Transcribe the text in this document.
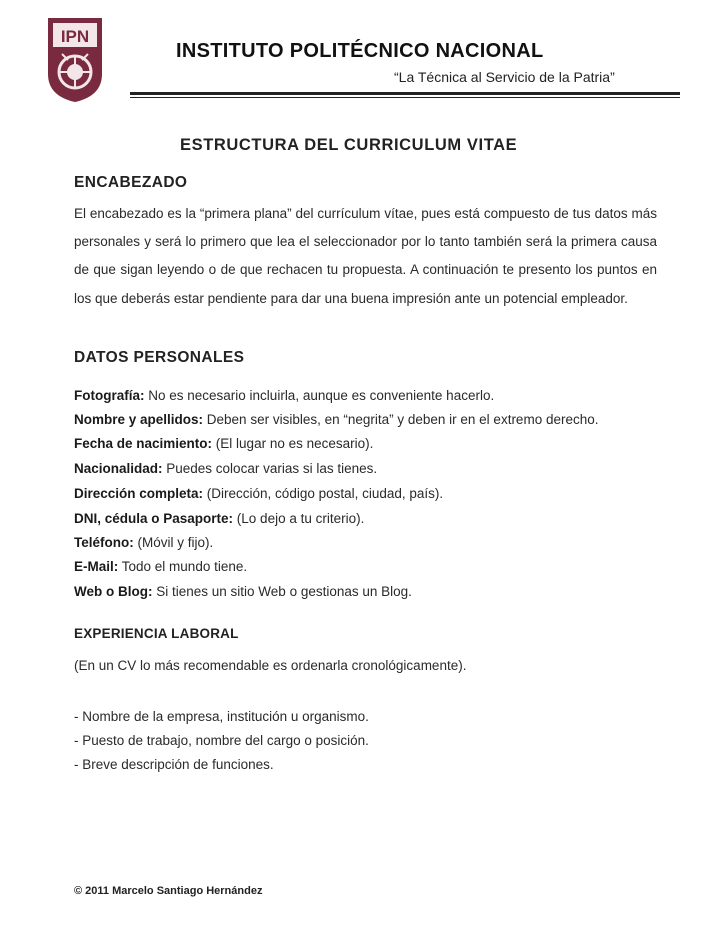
IPN
INSTITUTO POLITÉCNICO NACIONAL
“La Técnica al Servicio de la Patria”
ESTRUCTURA DEL CURRICULUM VITAE
ENCABEZADO
El encabezado es la “primera plana” del currículum vítae, pues está compuesto de tus datos más personales y será lo primero que lea el seleccionador por lo tanto también será la primera causa de que sigan leyendo o de que rechacen tu propuesta. A continuación te presento los puntos en los que deberás estar pendiente para dar una buena impresión ante un potencial empleador.
DATOS PERSONALES
Fotografía: No es necesario incluirla, aunque es conveniente hacerlo.
Nombre y apellidos: Deben ser visibles, en “negrita” y deben ir en el extremo derecho.
Fecha de nacimiento: (El lugar no es necesario).
Nacionalidad: Puedes colocar varias si las tienes.
Dirección completa: (Dirección, código postal, ciudad, país).
DNI, cédula o Pasaporte: (Lo dejo a tu criterio).
Teléfono: (Móvil y fijo).
E-Mail: Todo el mundo tiene.
Web o Blog: Si tienes un sitio Web o gestionas un Blog.
EXPERIENCIA LABORAL
(En un CV lo más recomendable es ordenarla cronológicamente).
- Nombre de la empresa, institución u organismo.
- Puesto de trabajo, nombre del cargo o posición.
- Breve descripción de funciones.
© 2011 Marcelo Santiago Hernández
